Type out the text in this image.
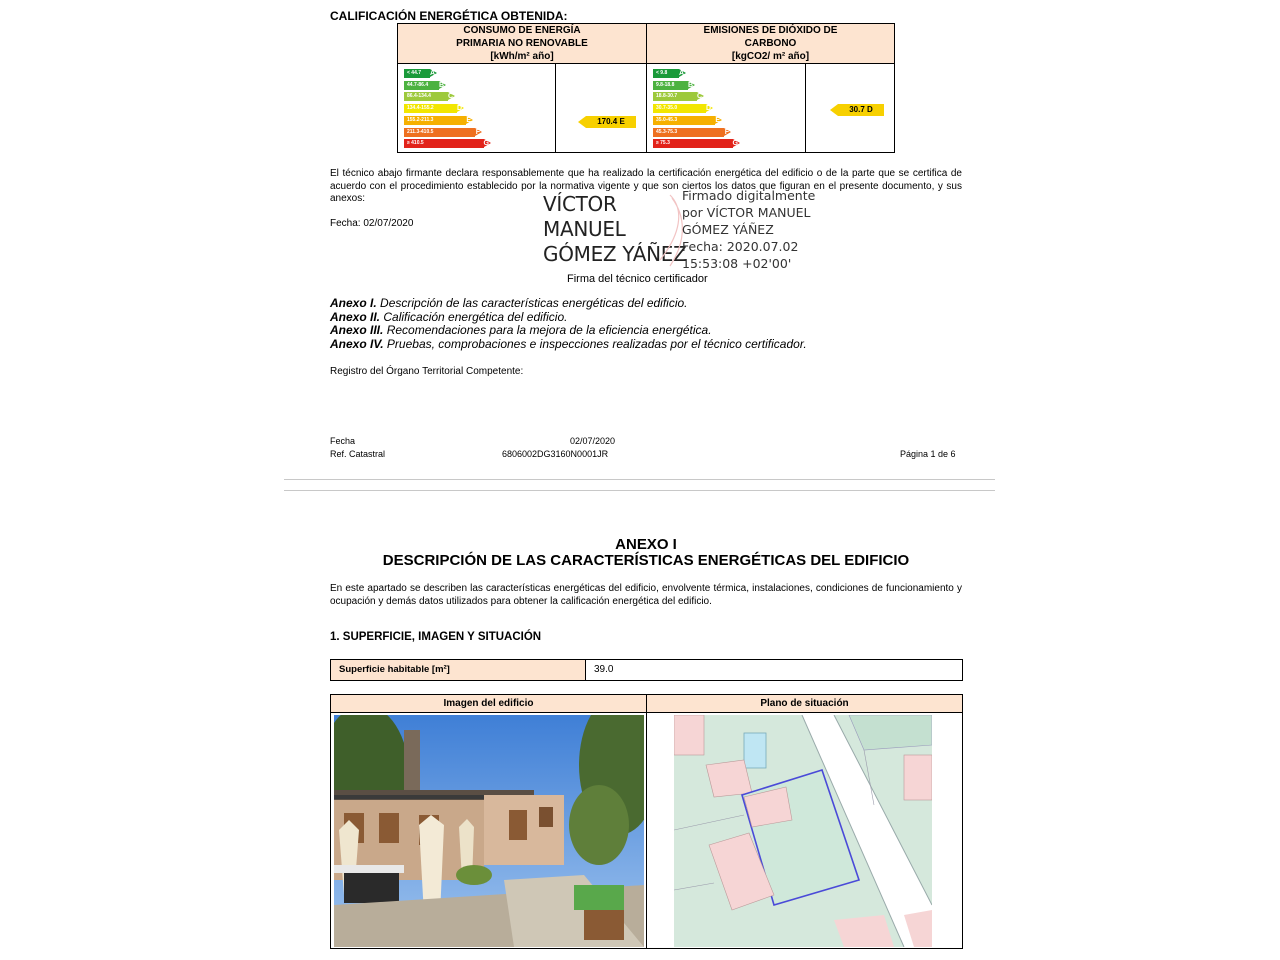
CALIFICACIÓN ENERGÉTICA OBTENIDA:
CONSUMO DE ENERGÍA
PRIMARIA NO RENOVABLE
[kWh/m² año]
< 44.7 A
44.7-86.4 B
86.4-134.4 C
134.4-155.2	D
155.2-211.3	E
211.3-410.5	F
≥ 410.5	G
170.4 E
EMISIONES DE DIÓXIDO DE
CARBONO
[kgCO2/ m² año]
< 9.8 A
9.8-18.8 B
18.8-30.7	C
30.7-35.0	D
35.0-45.3	E
45.3-75.3	F
≥ 75.3	G
30.7 D
El técnico abajo firmante declara responsablemente que ha realizado la certificación energética del edificio o de la parte que se certifica de acuerdo con el procedimiento establecido por la normativa vigente y que son ciertos los datos que figuran en el presente documento, y sus anexos:
Fecha: 02/07/2020
VÍCTOR
MANUEL
GÓMEZ YÁÑEZ
Firmado digitalmente
por VÍCTOR MANUEL
GÓMEZ YÁÑEZ
Fecha: 2020.07.02
15:53:08 +02'00'
Firma del técnico certificador
Anexo I. Descripción de las características energéticas del edificio.
Anexo II. Calificación energética del edificio.
Anexo III. Recomendaciones para la mejora de la eficiencia energética.
Anexo IV. Pruebas, comprobaciones e inspecciones realizadas por el técnico certificador.
Registro del Órgano Territorial Competente:
Fecha	02/07/2020
Ref. Catastral	6806002DG3160N0001JR	Página 1 de 6
ANEXO I
DESCRIPCIÓN DE LAS CARACTERÍSTICAS ENERGÉTICAS DEL EDIFICIO
En este apartado se describen las características energéticas del edificio, envolvente térmica, instalaciones, condiciones de funcionamiento y ocupación y demás datos utilizados para obtener la calificación energética del edificio.
1. SUPERFICIE, IMAGEN Y SITUACIÓN
Superficie habitable [m²]	39.0
Imagen del edificio	Plano de situación
